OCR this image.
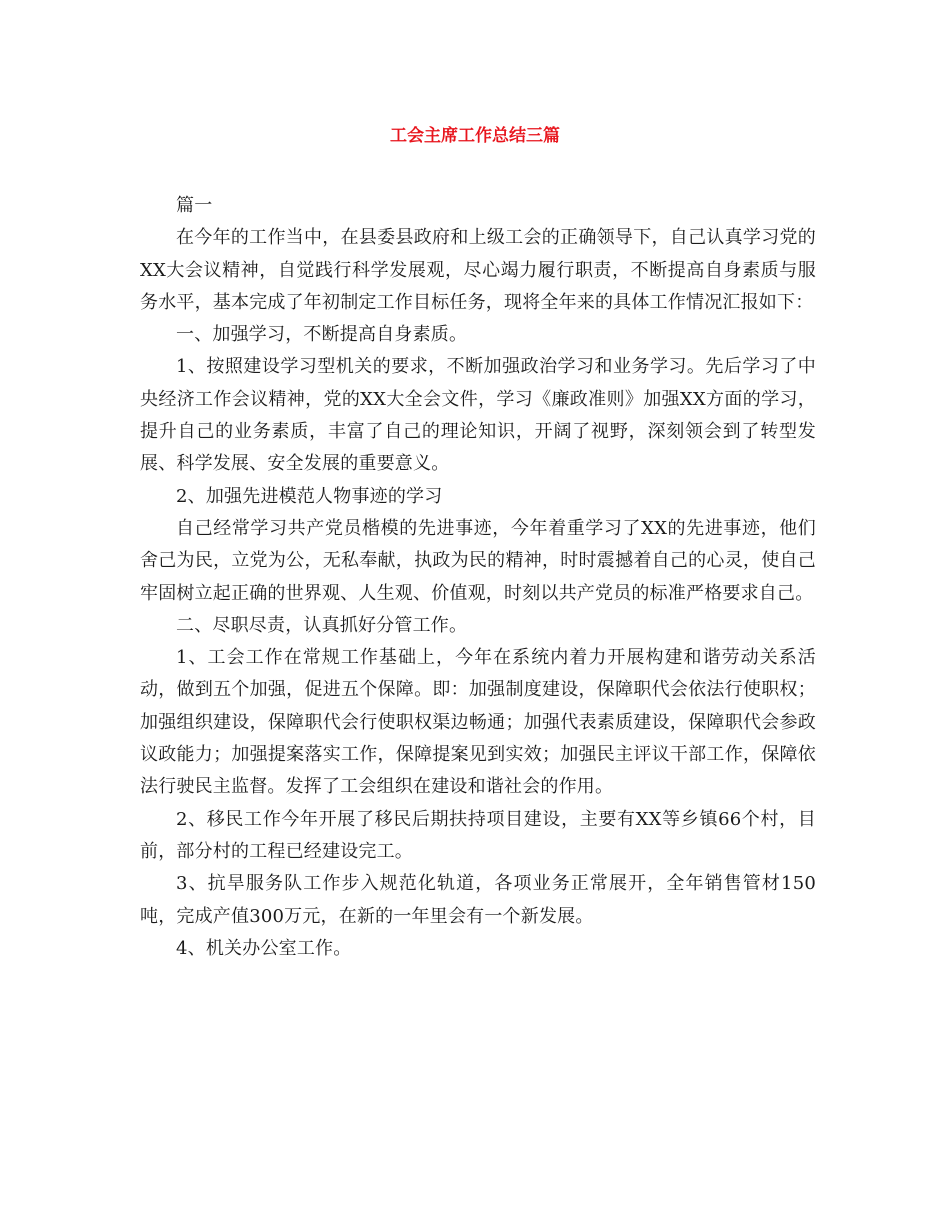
工会主席工作总结三篇

篇一

在今年的工作当中，在县委县政府和上级工会的正确领导下，自己认真学习党的XX大会议精神，自觉践行科学发展观，尽心竭力履行职责，不断提高自身素质与服务水平，基本完成了年初制定工作目标任务，现将全年来的具体工作情况汇报如下：

一、加强学习，不断提高自身素质。

1、按照建设学习型机关的要求，不断加强政治学习和业务学习。先后学习了中央经济工作会议精神，党的XX大全会文件，学习《廉政准则》加强XX方面的学习，提升自己的业务素质，丰富了自己的理论知识，开阔了视野，深刻领会到了转型发展、科学发展、安全发展的重要意义。

2、加强先进模范人物事迹的学习

自己经常学习共产党员楷模的先进事迹，今年着重学习了XX的先进事迹，他们舍己为民，立党为公，无私奉献，执政为民的精神，时时震撼着自己的心灵，使自己牢固树立起正确的世界观、人生观、价值观，时刻以共产党员的标准严格要求自己。

二、尽职尽责，认真抓好分管工作。

1、工会工作在常规工作基础上，今年在系统内着力开展构建和谐劳动关系活动，做到五个加强，促进五个保障。即：加强制度建设，保障职代会依法行使职权；加强组织建设，保障职代会行使职权渠边畅通；加强代表素质建设，保障职代会参政议政能力；加强提案落实工作，保障提案见到实效；加强民主评议干部工作，保障依法行驶民主监督。发挥了工会组织在建设和谐社会的作用。

2、移民工作今年开展了移民后期扶持项目建设，主要有XX等乡镇66个村，目前，部分村的工程已经建设完工。

3、抗旱服务队工作步入规范化轨道，各项业务正常展开，全年销售管材150吨，完成产值300万元，在新的一年里会有一个新发展。

4、机关办公室工作。
